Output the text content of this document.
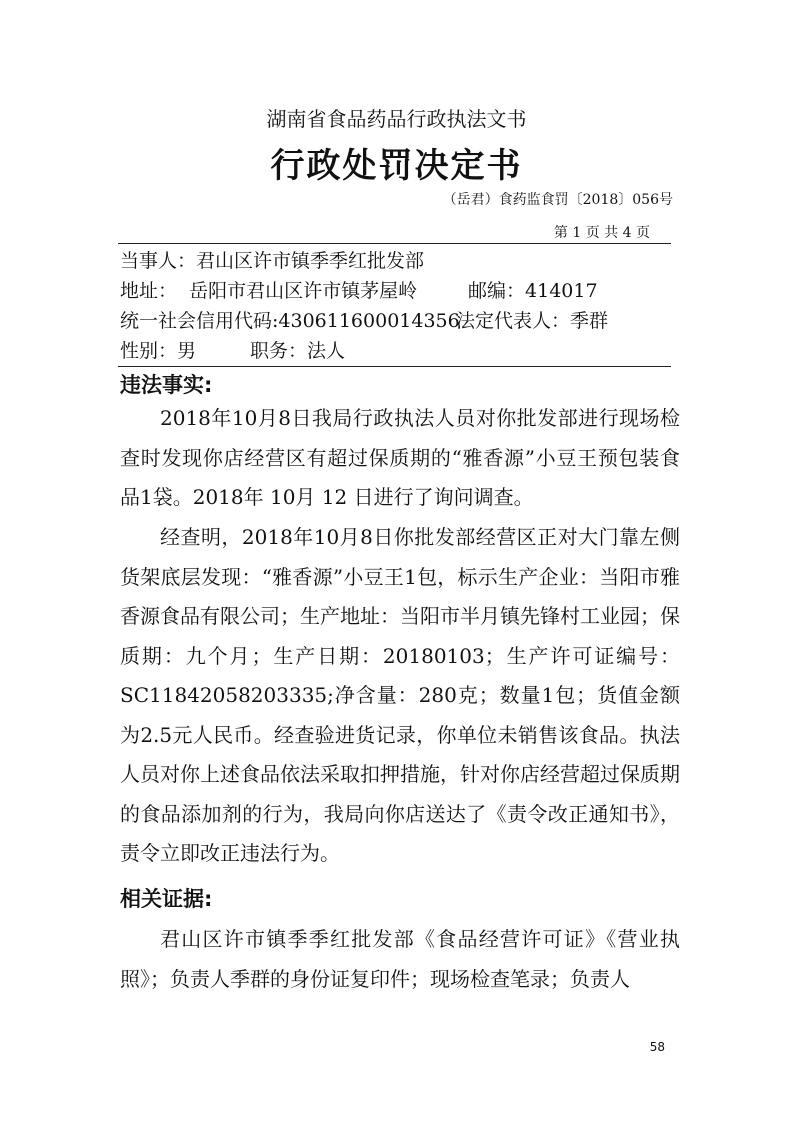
湖南省食品药品行政执法文书
行政处罚决定书
（岳君）食药监食罚〔2018〕056号
第 1 页 共 4 页
当事人：君山区许市镇季季红批发部
地址： 岳阳市君山区许市镇茅屋岭	邮编：414017
统一社会信用代码:430611600014356
法定代表人：季群
性别：男	职务：法人
违法事实:
2018年10月8日我局行政执法人员对你批发部进行现场检查时发现你店经营区有超过保质期的“雅香源”小豆王预包装食品1袋。2018年 10月 12 日进行了询问调查。
经查明，2018年10月8日你批发部经营区正对大门靠左侧货架底层发现：“雅香源”小豆王1包，标示生产企业：当阳市雅香源食品有限公司；生产地址：当阳市半月镇先锋村工业园；保质期：九个月；生产日期：20180103；生产许可证编号：SC11842058203335;净含量：280克；数量1包；货值金额为2.5元人民币。经查验进货记录，你单位未销售该食品。执法人员对你上述食品依法采取扣押措施，针对你店经营超过保质期的食品添加剂的行为，我局向你店送达了《责令改正通知书》，责令立即改正违法行为。
相关证据:
君山区许市镇季季红批发部《食品经营许可证》《营业执照》；负责人季群的身份证复印件；现场检查笔录；负责人
58
